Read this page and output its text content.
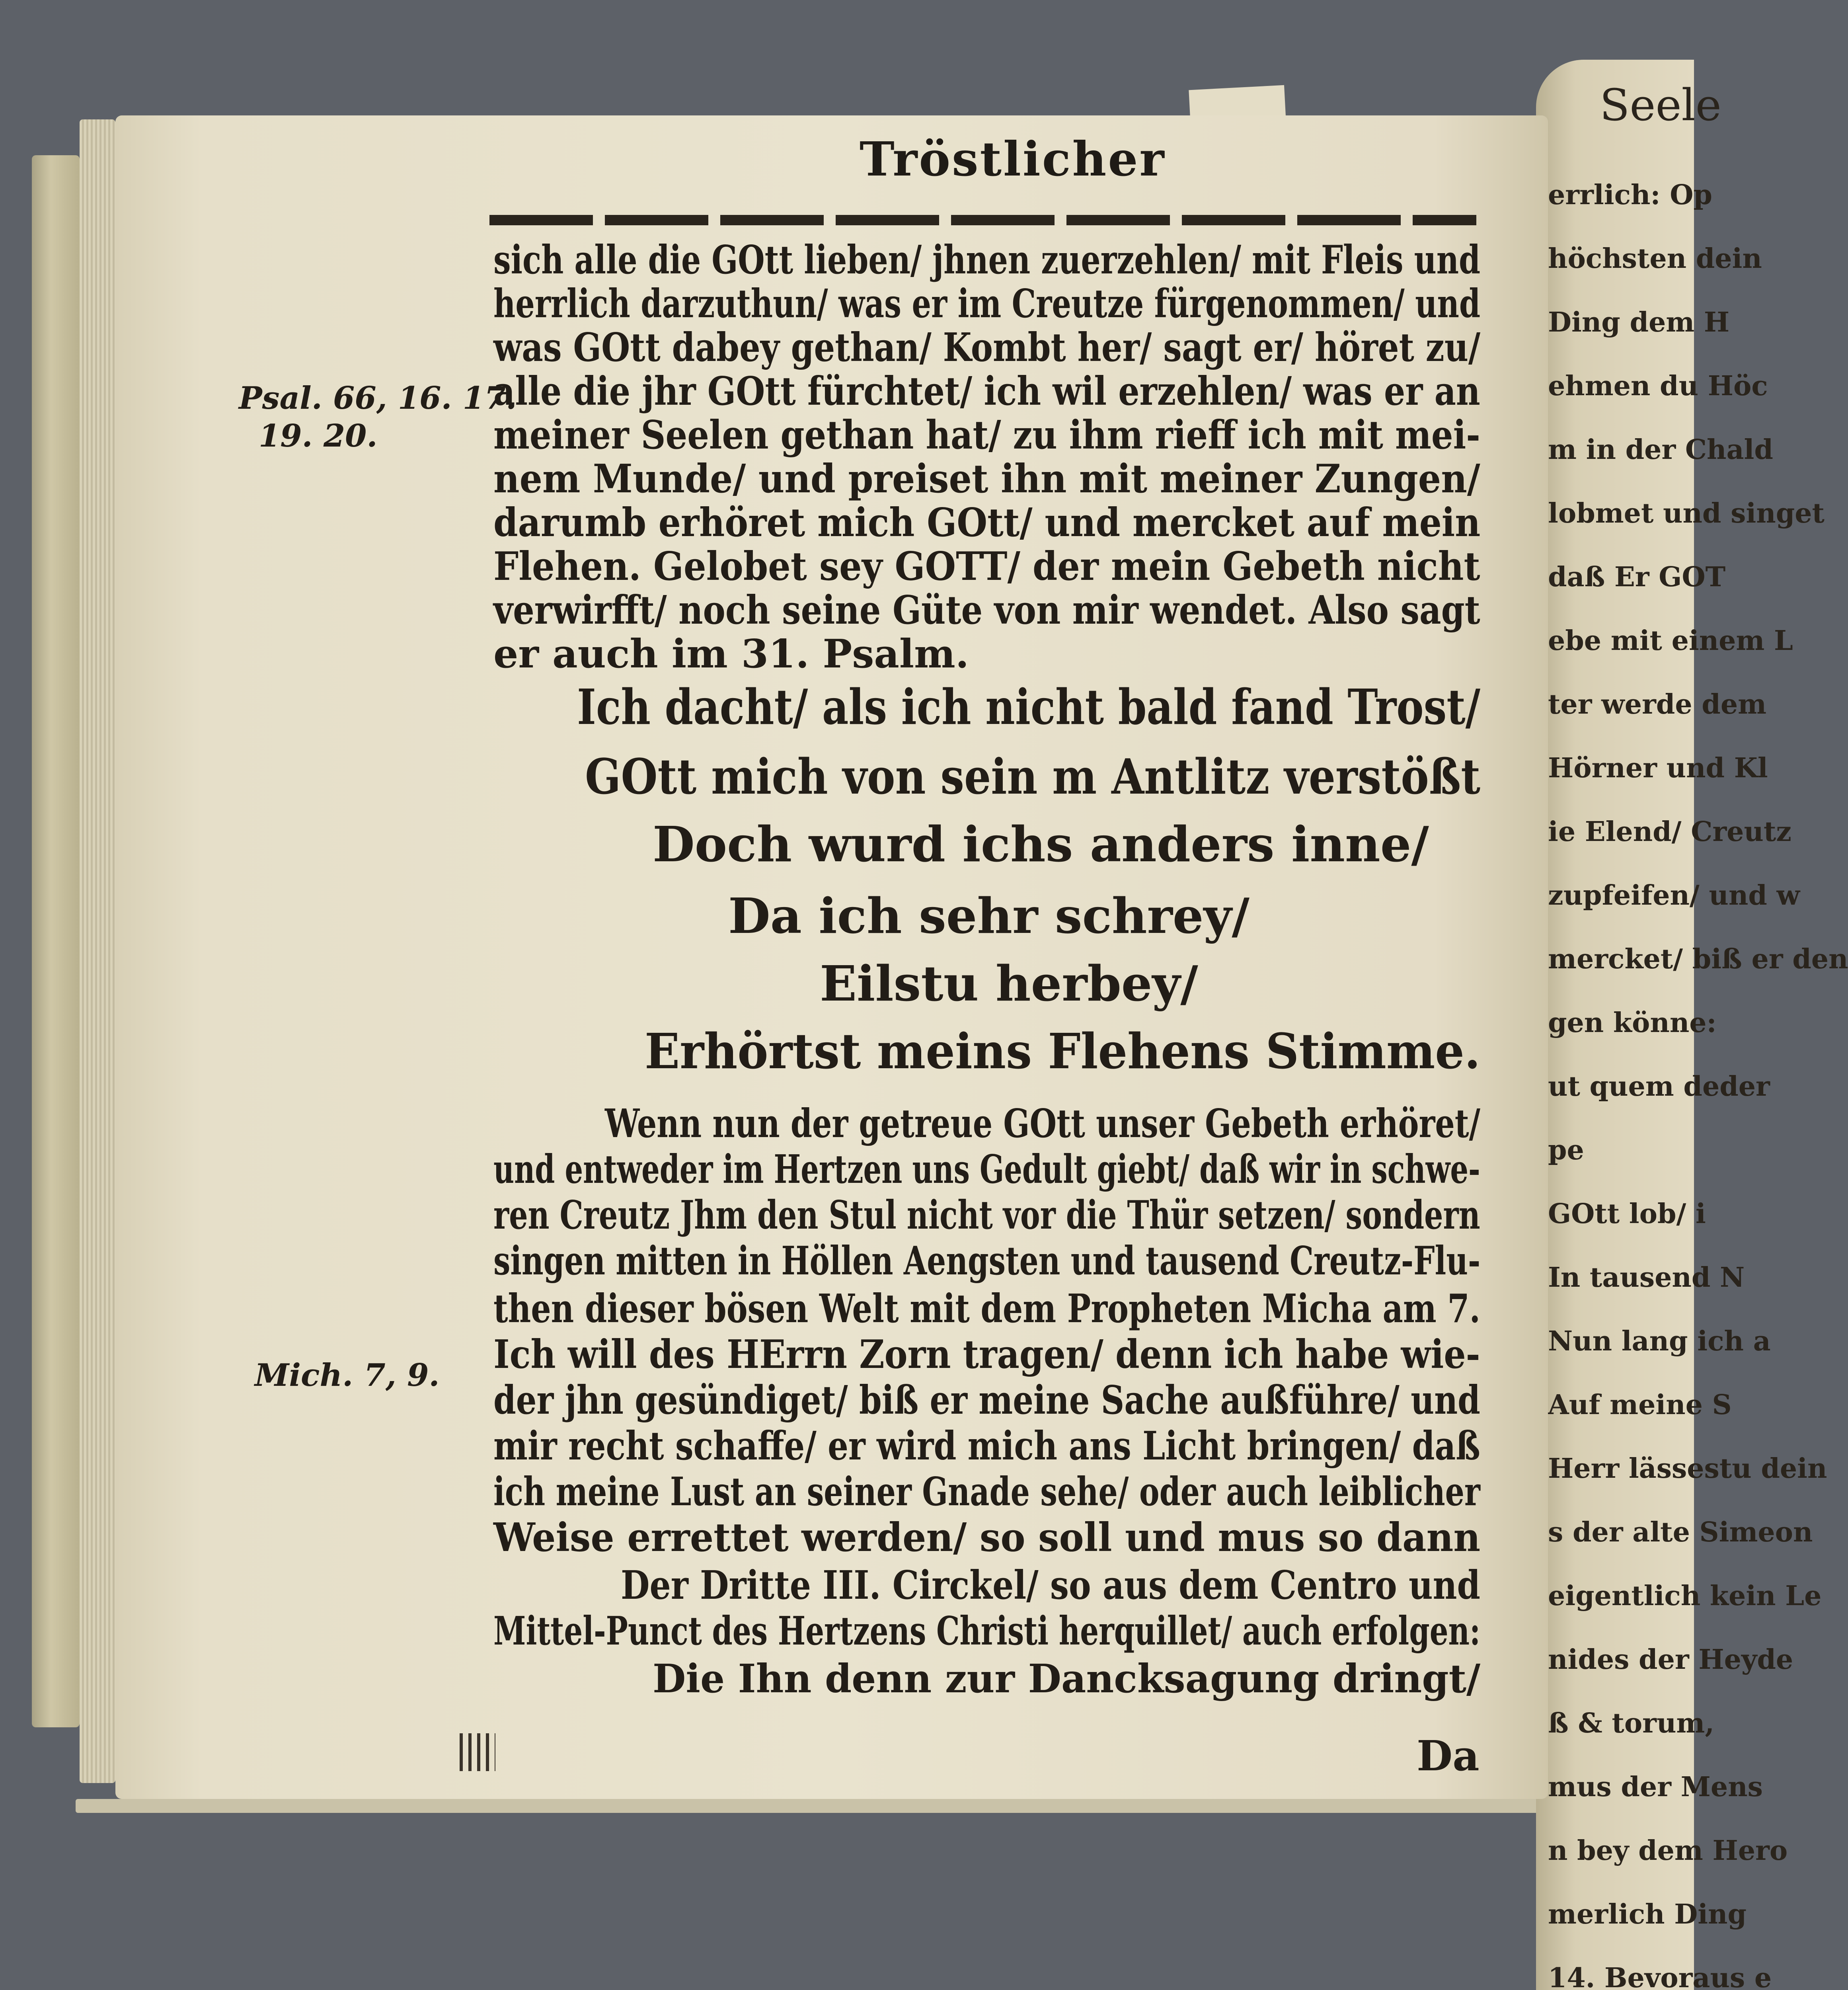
Seele
errlich: Op
höchsten dein
Ding dem H
ehmen du Höc
m in der Chald
lobmet und singet
daß Er GOT
ebe mit einem L
ter werde dem
Hörner und Kl
ie Elend/ Creutz
zupfeifen/ und w
mercket/ biß er den
gen könne:
ut quem deder
pe
GOtt lob/ i
In tausend N
Nun lang ich a
Auf meine S
Herr lässestu dein
s der alte Simeon
eigentlich kein Le
nides der Heyde
ß & torum,
mus der Mens
n bey dem Hero
merlich Ding
14. Bevoraus e
Tröstlicher
sich alle die GOtt lieben/ jhnen zuerzehlen/ mit Fleis und
herrlich darzuthun/ was er im Creutze fürgenommen/ und
was GOtt dabey gethan/ Kombt her/ sagt er/ höret zu/
alle die jhr GOtt fürchtet/ ich wil erzehlen/ was er an
meiner Seelen gethan hat/ zu ihm rieff ich mit mei-
nem Munde/ und preiset ihn mit meiner Zungen/
darumb erhöret mich GOtt/ und mercket auf mein
Flehen. Gelobet sey GOTT/ der mein Gebeth nicht
verwirfft/ noch seine Güte von mir wendet. Also sagt
er auch im 31. Psalm.
Ich dacht/ als ich nicht bald fand Trost/
GOtt mich von sein m Antlitz verstößt
Doch wurd ichs anders inne/
Da ich sehr schrey/
Eilstu herbey/
Erhörtst meins Flehens Stimme.
Wenn nun der getreue GOtt unser Gebeth erhöret/
und entweder im Hertzen uns Gedult giebt/ daß wir in schwe-
ren Creutz Jhm den Stul nicht vor die Thür setzen/ sondern
singen mitten in Höllen Aengsten und tausend Creutz-Flu-
then dieser bösen Welt mit dem Propheten Micha am 7.
Ich will des HErrn Zorn tragen/ denn ich habe wie-
der jhn gesündiget/ biß er meine Sache außführe/ und
mir recht schaffe/ er wird mich ans Licht bringen/ daß
ich meine Lust an seiner Gnade sehe/ oder auch leiblicher
Weise errettet werden/ so soll und mus so dann
Der Dritte III. Circkel/ so aus dem Centro und
Mittel-Punct des Hertzens Christi herquillet/ auch erfolgen:
Die Ihn denn zur Dancksagung dringt/
Psal. 66, 16. 17.
19. 20.
Mich. 7, 9.
Da
